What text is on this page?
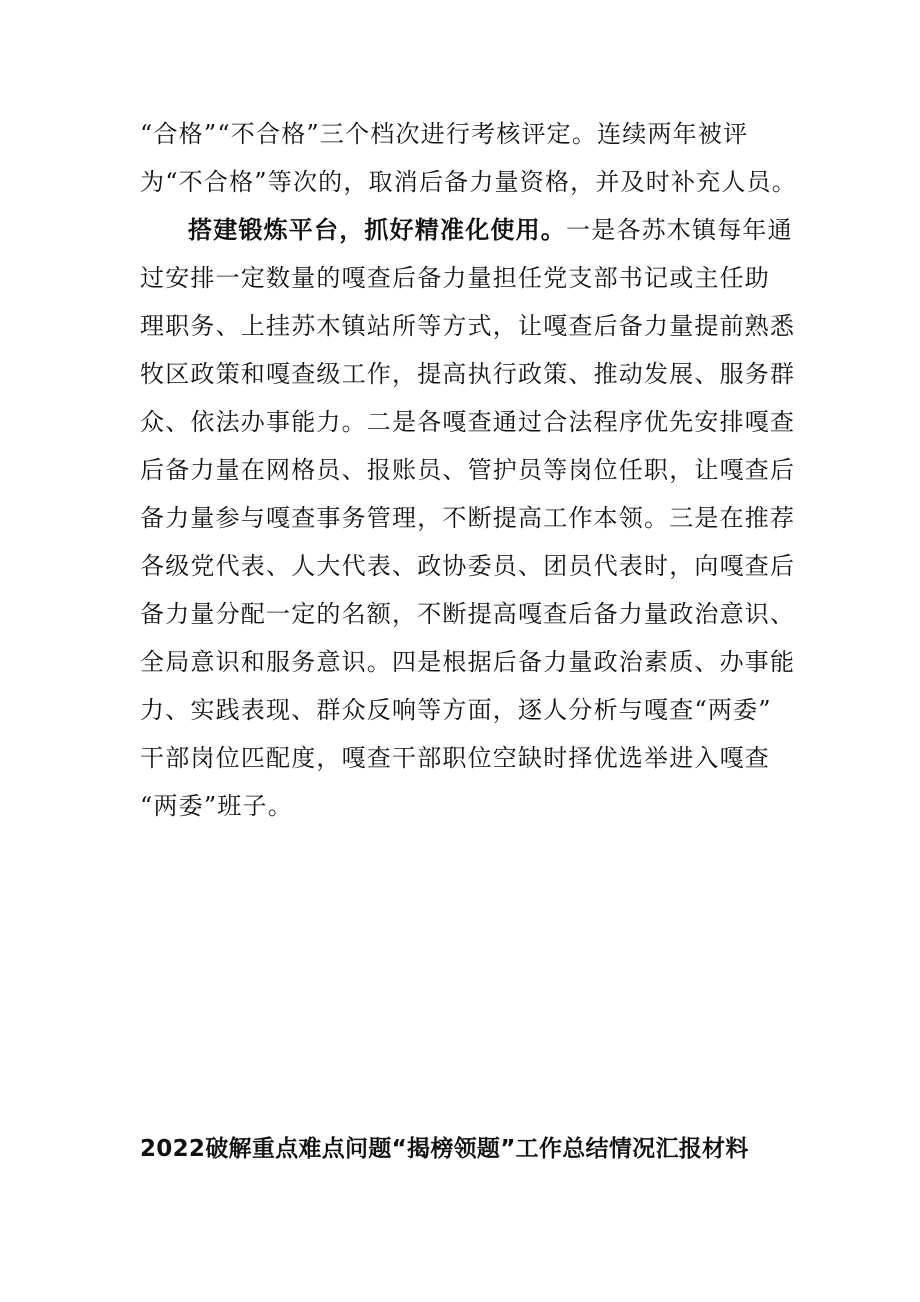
“合格”“不合格”三个档次进行考核评定。连续两年被评
为“不合格”等次的，取消后备力量资格，并及时补充人员。
搭建锻炼平台，抓好精准化使用。一是各苏木镇每年通
过安排一定数量的嘎查后备力量担任党支部书记或主任助
理职务、上挂苏木镇站所等方式，让嘎查后备力量提前熟悉
牧区政策和嘎查级工作，提高执行政策、推动发展、服务群
众、依法办事能力。二是各嘎查通过合法程序优先安排嘎查
后备力量在网格员、报账员、管护员等岗位任职，让嘎查后
备力量参与嘎查事务管理，不断提高工作本领。三是在推荐
各级党代表、人大代表、政协委员、团员代表时，向嘎查后
备力量分配一定的名额，不断提高嘎查后备力量政治意识、
全局意识和服务意识。四是根据后备力量政治素质、办事能
力、实践表现、群众反响等方面，逐人分析与嘎查“两委”
干部岗位匹配度，嘎查干部职位空缺时择优选举进入嘎查
“两委”班子。
2022破解重点难点问题“揭榜领题”工作总结情况汇报材料
